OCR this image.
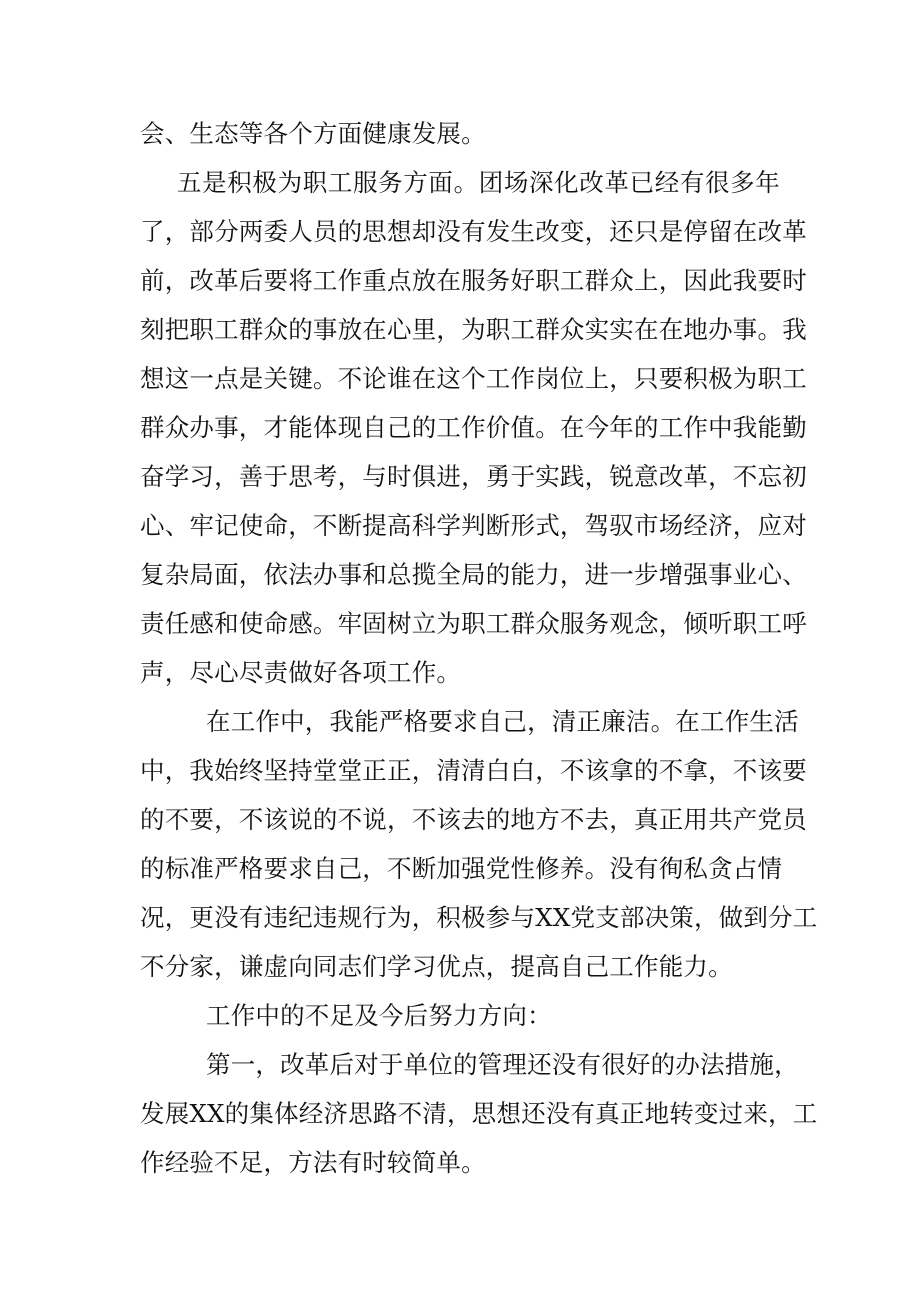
会、生态等各个方面健康发展。
五是积极为职工服务方面。团场深化改革已经有很多年
了，部分两委人员的思想却没有发生改变，还只是停留在改革
前，改革后要将工作重点放在服务好职工群众上，因此我要时
刻把职工群众的事放在心里，为职工群众实实在在地办事。我
想这一点是关键。不论谁在这个工作岗位上，只要积极为职工
群众办事，才能体现自己的工作价值。在今年的工作中我能勤
奋学习，善于思考，与时俱进，勇于实践，锐意改革，不忘初
心、牢记使命，不断提高科学判断形式，驾驭市场经济，应对
复杂局面，依法办事和总揽全局的能力，进一步增强事业心、
责任感和使命感。牢固树立为职工群众服务观念，倾听职工呼
声，尽心尽责做好各项工作。
在工作中，我能严格要求自己，清正廉洁。在工作生活
中，我始终坚持堂堂正正，清清白白，不该拿的不拿，不该要
的不要，不该说的不说，不该去的地方不去，真正用共产党员
的标准严格要求自己，不断加强党性修养。没有徇私贪占情
况，更没有违纪违规行为，积极参与XX党支部决策，做到分工
不分家，谦虚向同志们学习优点，提高自己工作能力。
工作中的不足及今后努力方向：
第一，改革后对于单位的管理还没有很好的办法措施，
发展XX的集体经济思路不清，思想还没有真正地转变过来，工
作经验不足，方法有时较简单。
